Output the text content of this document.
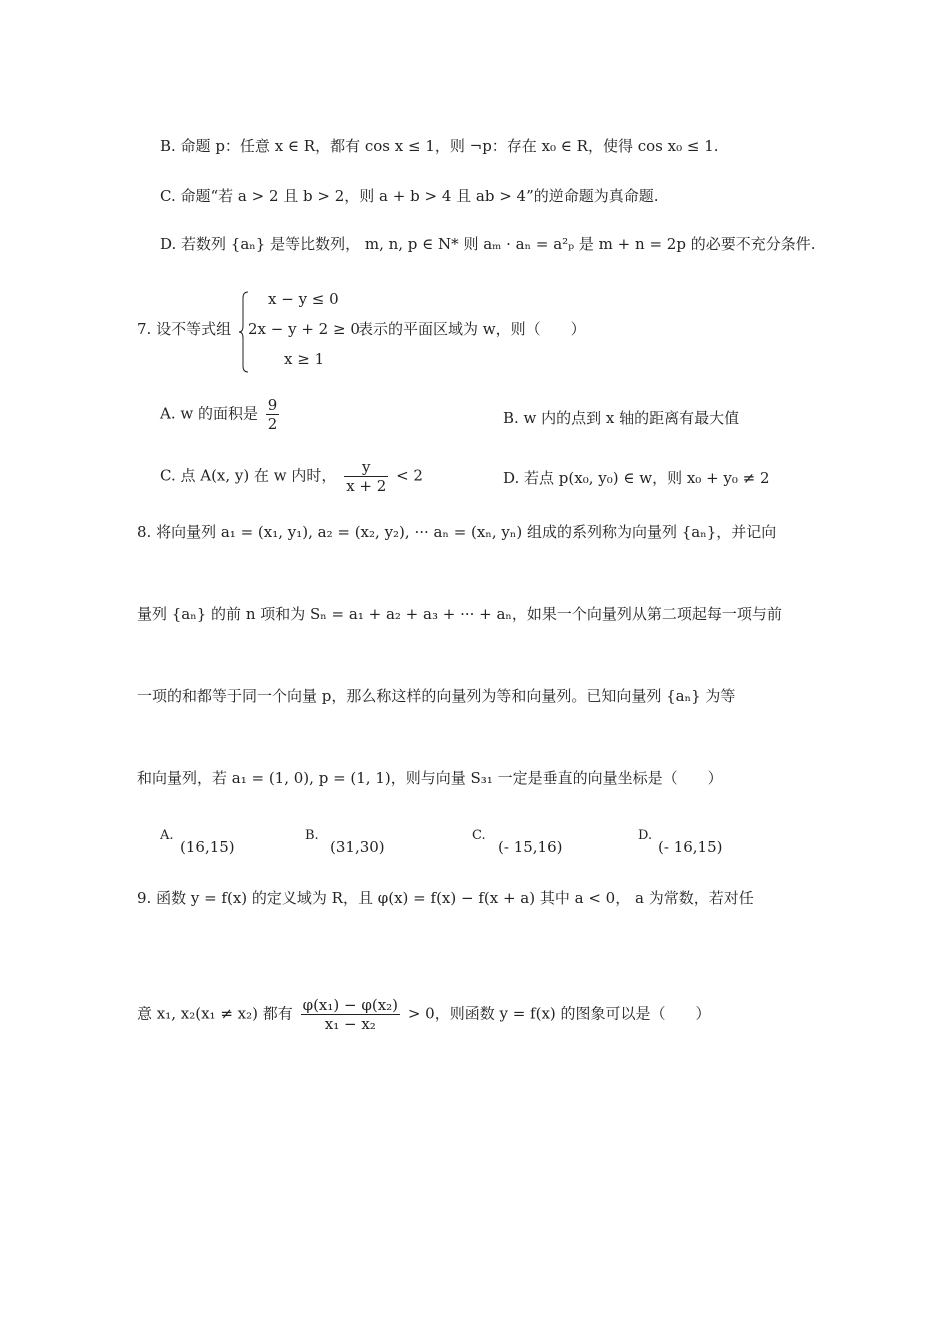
B. 命题 p：任意 x ∈ R，都有 cos x ≤ 1，则 ¬p：存在 x₀ ∈ R，使得 cos x₀ ≤ 1.
C. 命题“若 a > 2 且 b > 2，则 a + b > 4 且 ab > 4”的逆命题为真命题.
D. 若数列 {aₙ} 是等比数列， m, n, p ∈ N* 则 aₘ · aₙ = a²ₚ 是 m + n = 2p 的必要不充分条件.
7. 设不等式组
x − y ≤ 0
2x − y + 2 ≥ 0
x ≥ 1
表示的平面区域为 w，则（　　）
A. w 的面积是 $\frac{9}{2}$	B. w 内的点到 x 轴的距离有最大值
C. 点 A(x, y) 在 w 内时， $\frac{y}{x + 2} < 2$	D. 若点 p(x₀, y₀) ∈ w，则 x₀ + y₀ ≠ 2
8. 将向量列 a₁ = (x₁, y₁), a₂ = (x₂, y₂), ··· aₙ = (xₙ, yₙ) 组成的系列称为向量列 {aₙ}，并记向
量列 {aₙ} 的前 n 项和为 Sₙ = a₁ + a₂ + a₃ + ··· + aₙ，如果一个向量列从第二项起每一项与前
一项的和都等于同一个向量 p，那么称这样的向量列为等和向量列。已知向量列 {aₙ} 为等
和向量列，若 a₁ = (1, 0), p = (1, 1)，则与向量 S₃₁ 一定是垂直的向量坐标是（　　）
A.
(16,15)
B.
(31,30)
C.
(- 15,16)
D.
(- 16,15)
9. 函数 y = f(x) 的定义域为 R，且 φ(x) = f(x) − f(x + a) 其中 a < 0， a 为常数，若对任
意 x₁, x₂(x₁ ≠ x₂) 都有 $\frac{\text{φ(x₁) − φ(x₂)}}{\text{x₁ − x₂}} > 0$，则函数 y = f(x) 的图象可以是（　　）
